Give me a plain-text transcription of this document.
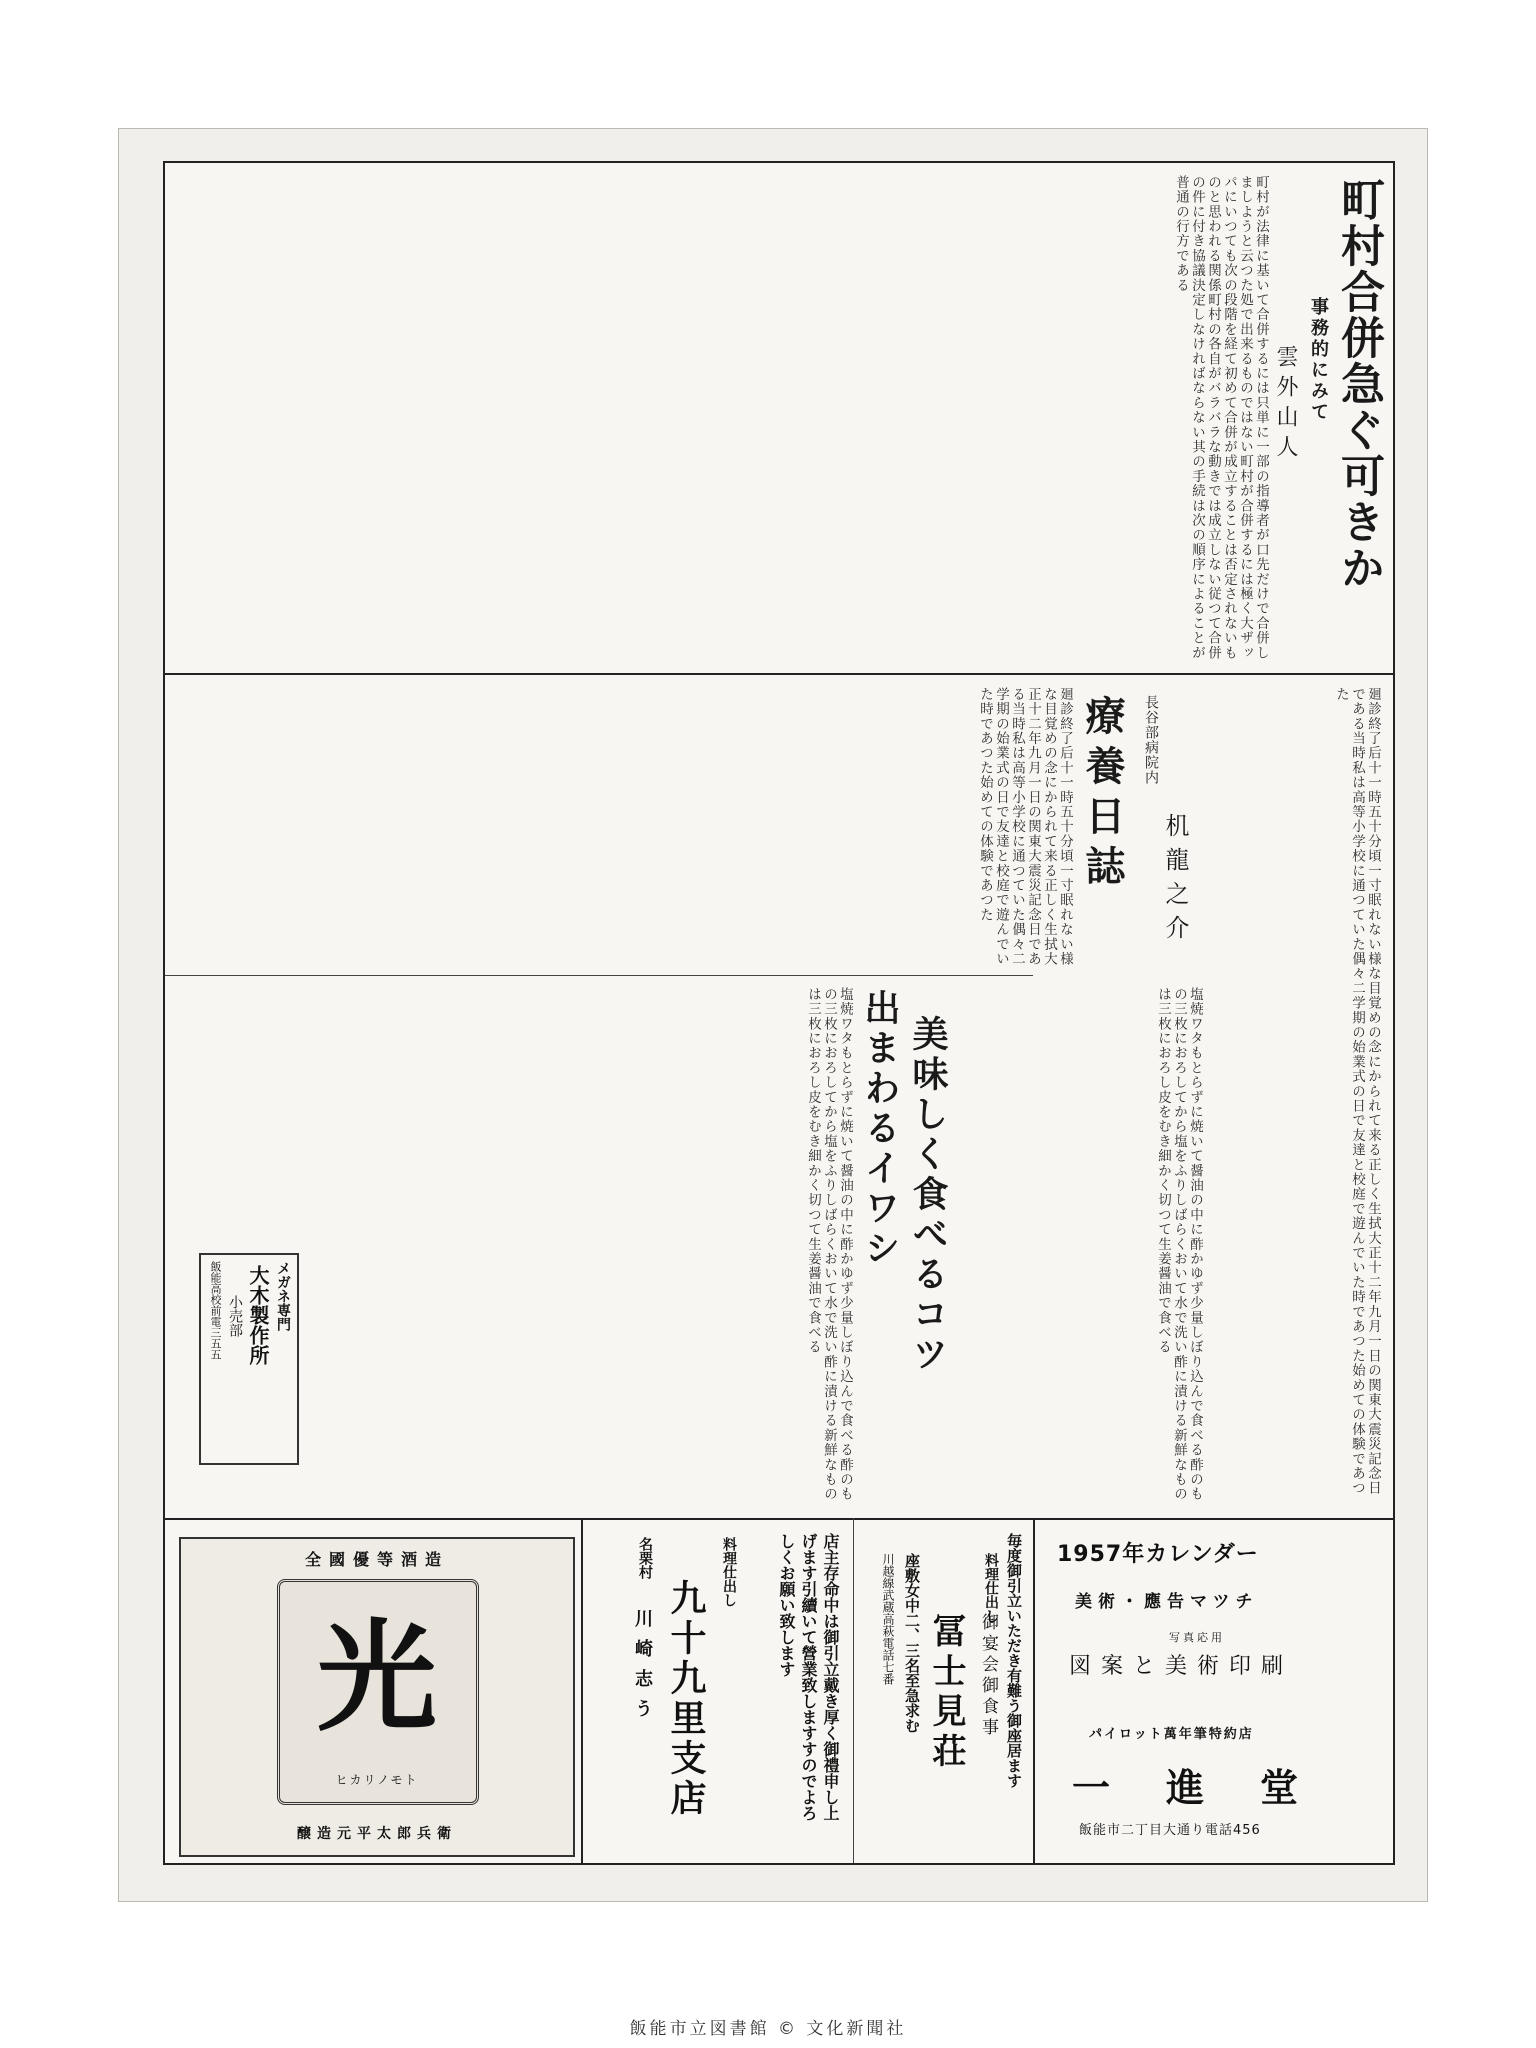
町村合併急ぐ可きか
事務的にみて
雲外山人
町村が法律に基いて合併するには只単に一部の指導者が口先だけで合併しましようと云つた処で出来るものではない町村が合併するには極く大ザッパにいつても次の段階を経て初めて合併が成立することは否定されないものと思われる関係町村の各自がバラバラな動きでは成立しない従つて合併の件に付き協議決定しなければならない其の手続は次の順序によることが普通の行方である
療養日誌	長谷部病院内
机龍之介
廻診終了后十一時五十分頃一寸眠れない様な目覚めの念にかられて来る正しく生拭大正十二年九月一日の関東大震災記念日である当時私は高等小学校に通つていた偶々二学期の始業式の日で友達と校庭で遊んでいた時であつた始めての体験であつた	廻診終了后十一時五十分頃一寸眠れない様な目覚めの念にかられて来る正しく生拭大正十二年九月一日の関東大震災記念日である当時私は高等小学校に通つていた偶々二学期の始業式の日で友達と校庭で遊んでいた時であつた始めての体験であつた
出まわるイワシ 美味しく食べるコツ	塩焼ワタもとらずに焼いて醤油の中に酢かゆず少量しぼり込んで食べる酢のもの三枚におろしてから塩をふりしばらくおいて水で洗い酢に漬ける新鮮なものは三枚におろし皮をむき細かく切つて生姜醤油で食べる
塩焼ワタもとらずに焼いて醤油の中に酢かゆず少量しぼり込んで食べる酢のもの三枚におろしてから塩をふりしばらくおいて水で洗い酢に漬ける新鮮なものは三枚におろし皮をむき細かく切つて生姜醤油で食べる
メガネ専門
大木製作所
小売部
飯能高校前電三五五
全國優等酒造
光
ヒカリノモト
醸造元平太郎兵衛
店主存命中は御引立戴き厚く御禮申し上げます引續いて營業致しますすのでよろしくお願い致します
料理仕出し
九十九里支店
名栗村
川崎志う	毎度御引立いただき有難う御座居ます
料理仕出し
御宴会御食事
冨士見荘
座敷女中二、三名至急求む
川越線武蔵高萩電話七番	1957年カレンダー
美術・應告マツチ
写真応用
図案と美術印刷
パイロット萬年筆特約店
一進堂
飯能市二丁目大通り電話456
飯能市立図書館 © 文化新聞社
